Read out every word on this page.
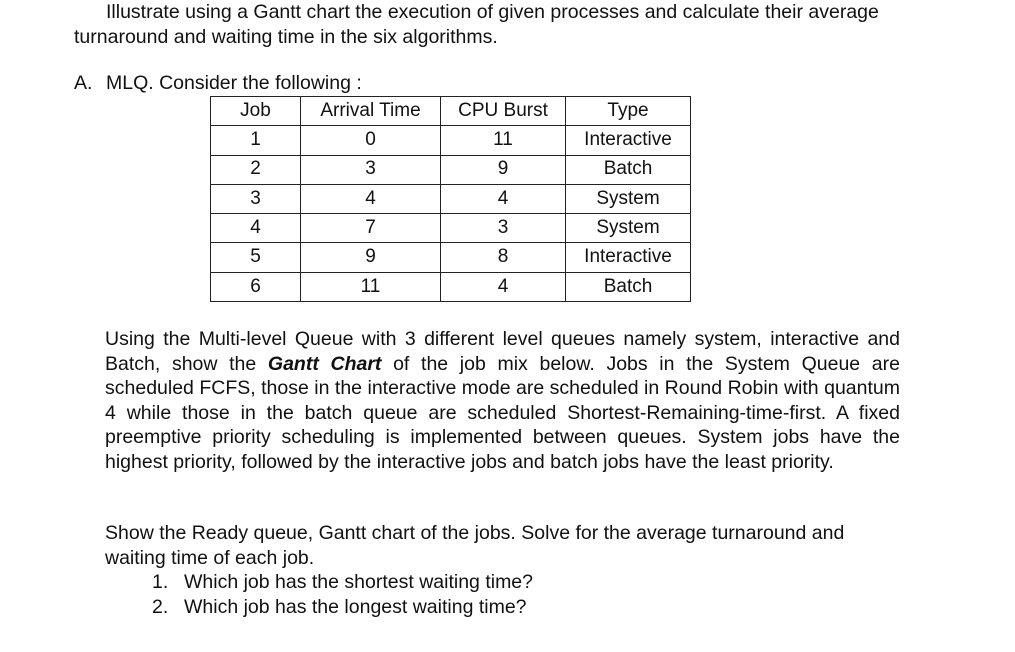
Illustrate using a Gantt chart the execution of given processes and calculate their average turnaround and waiting time in the six algorithms.

A. MLQ. Consider the following :

Job	Arrival Time	CPU Burst	Type
1	0	11	Interactive
2	3	9	Batch
3	4	4	System
4	7	3	System
5	9	8	Interactive
6	11	4	Batch

Using the Multi-level Queue with 3 different level queues namely system, interactive and Batch, show the Gantt Chart of the job mix below. Jobs in the System Queue are scheduled FCFS, those in the interactive mode are scheduled in Round Robin with quantum 4 while those in the batch queue are scheduled Shortest-Remaining-time-first. A fixed preemptive priority scheduling is implemented between queues. System jobs have the highest priority, followed by the interactive jobs and batch jobs have the least priority.

Show the Ready queue, Gantt chart of the jobs. Solve for the average turnaround and waiting time of each job.

1. Which job has the shortest waiting time?
2. Which job has the longest waiting time?
